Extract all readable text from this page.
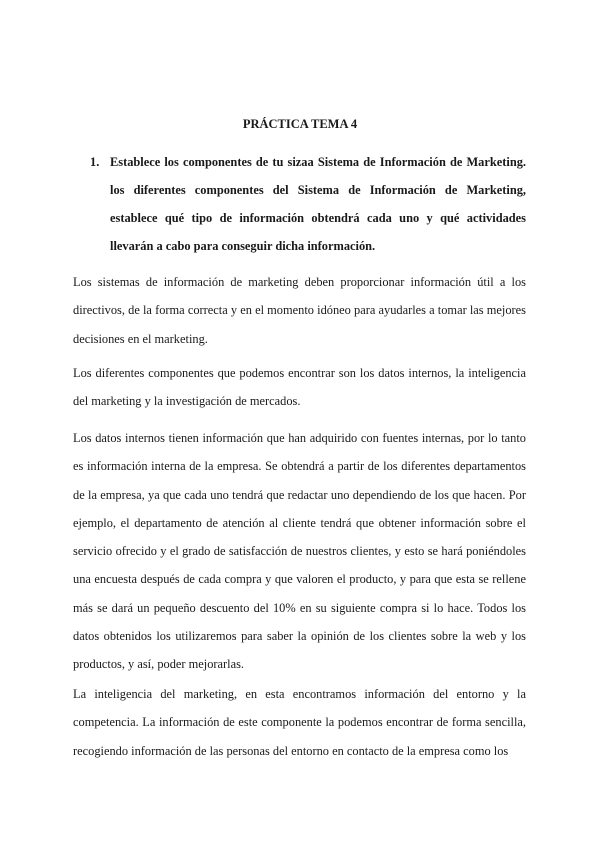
PRÁCTICA TEMA 4
1. Establece los componentes de tu sizaa Sistema de Información de Marketing. los diferentes componentes del Sistema de Información de Marketing, establece qué tipo de información obtendrá cada uno y qué actividades llevarán a cabo para conseguir dicha información.

Los sistemas de información de marketing deben proporcionar información útil a los directivos, de la forma correcta y en el momento idóneo para ayudarles a tomar las mejores decisiones en el marketing.

Los diferentes componentes que podemos encontrar son los datos internos, la inteligencia del marketing y la investigación de mercados.

Los datos internos tienen información que han adquirido con fuentes internas, por lo tanto es información interna de la empresa. Se obtendrá a partir de los diferentes departamentos de la empresa, ya que cada uno tendrá que redactar uno dependiendo de los que hacen. Por ejemplo, el departamento de atención al cliente tendrá que obtener información sobre el servicio ofrecido y el grado de satisfacción de nuestros clientes, y esto se hará poniéndoles una encuesta después de cada compra y que valoren el producto, y para que esta se rellene más se dará un pequeño descuento del 10% en su siguiente compra si lo hace. Todos los datos obtenidos los utilizaremos para saber la opinión de los clientes sobre la web y los productos, y así, poder mejorarlas.

La inteligencia del marketing, en esta encontramos información del entorno y la competencia. La información de este componente la podemos encontrar de forma sencilla, recogiendo información de las personas del entorno en contacto de la empresa como los
